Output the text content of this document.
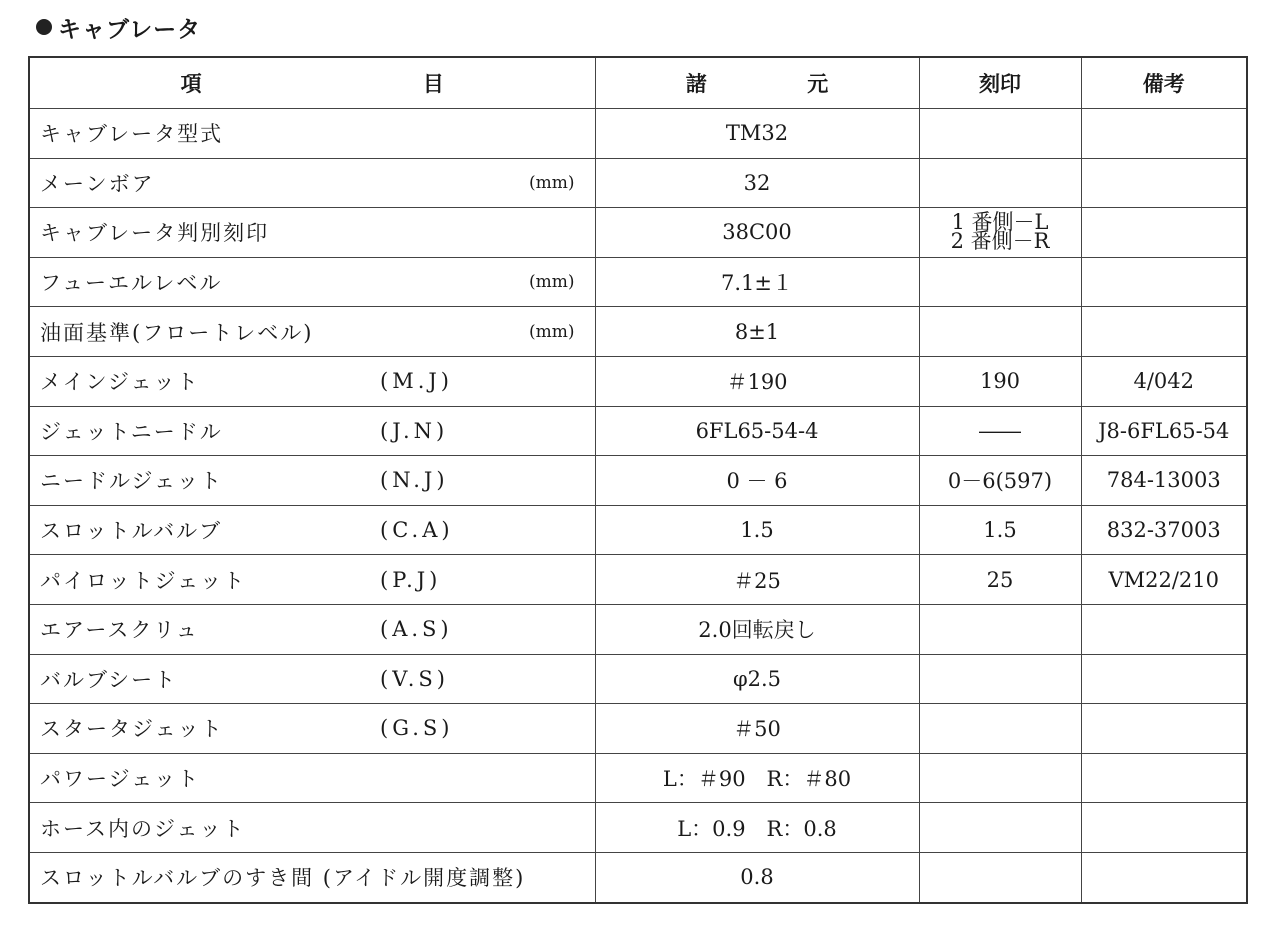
キャブレータ
項 目	諸 元	刻印	備考

キャブレータ型式	TM32		

メーンボア (mm)	32		

キャブレータ判別刻印	38C00	1 番側－L
2 番側－R	

フューエルレベル (mm)	7.1±１		

油面基準(フロートレベル) (mm)	8±1		

メインジェット (M.J)	＃190	190	4/042

ジェットニードル (J.N)	6FL65-54-4	――	J8-6FL65-54

ニードルジェット (N.J)	0 － 6	0－6(597)	784-13003

スロットルバルブ (C.A)	1.5	1.5	832-37003

パイロットジェット (P.J)	＃25	25	VM22/210

エアースクリュ (A.S)	2.0回転戻し		

バルブシート (V.S)	φ2.5		

スタータジェット (G.S)	＃50		

パワージェット	L：＃90　R：＃80		

ホース内のジェット	L：0.9　R：0.8		

スロットルバルブのすき間 (アイドル開度調整)	0.8		
